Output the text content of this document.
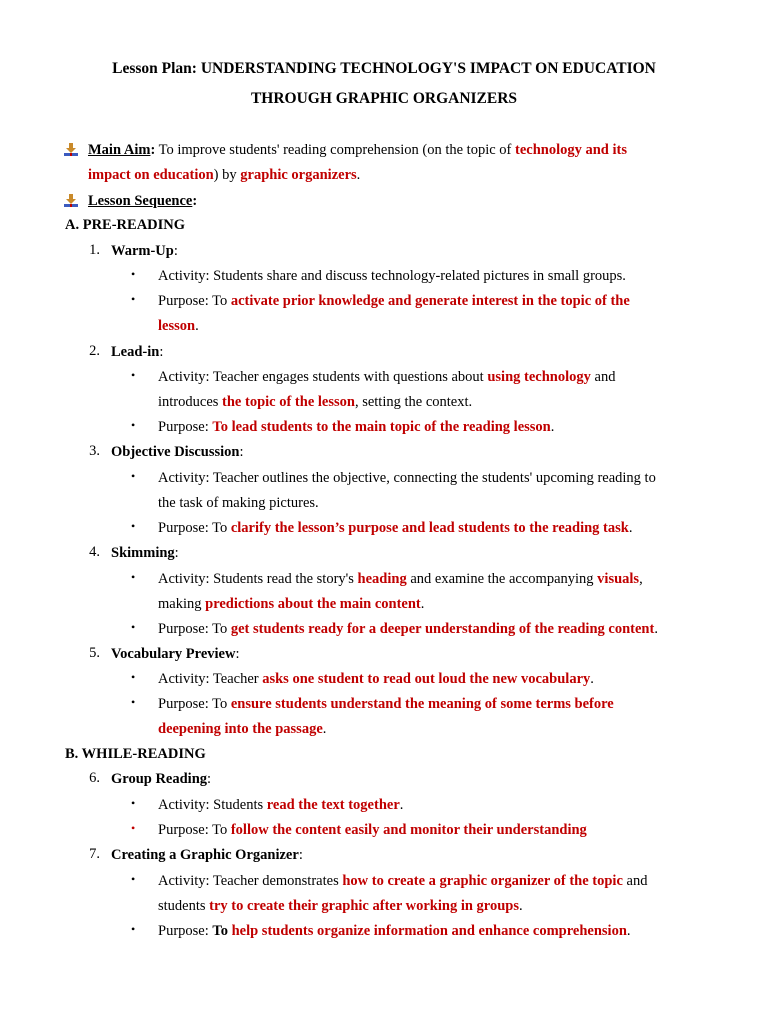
Lesson Plan: UNDERSTANDING TECHNOLOGY'S IMPACT ON EDUCATION
THROUGH GRAPHIC ORGANIZERS
Main Aim: To improve students' reading comprehension (on the topic of technology and its
impact on education) by graphic organizers.
Lesson Sequence:
A. PRE-READING
1. Warm-Up:
• Activity: Students share and discuss technology-related pictures in small groups.
• Purpose: To activate prior knowledge and generate interest in the topic of the
lesson.
2. Lead-in:
• Activity: Teacher engages students with questions about using technology and
introduces the topic of the lesson, setting the context.
• Purpose: To lead students to the main topic of the reading lesson.
3. Objective Discussion:
• Activity: Teacher outlines the objective, connecting the students' upcoming reading to
the task of making pictures.
• Purpose: To clarify the lesson’s purpose and lead students to the reading task.
4. Skimming:
• Activity: Students read the story's heading and examine the accompanying visuals,
making predictions about the main content.
• Purpose: To get students ready for a deeper understanding of the reading content.
5. Vocabulary Preview:
• Activity: Teacher asks one student to read out loud the new vocabulary.
• Purpose: To ensure students understand the meaning of some terms before
deepening into the passage.
B. WHILE-READING
6. Group Reading:
• Activity: Students read the text together.
• Purpose: To follow the content easily and monitor their understanding
7. Creating a Graphic Organizer:
• Activity: Teacher demonstrates how to create a graphic organizer of the topic and
students try to create their graphic after working in groups.
• Purpose: To help students organize information and enhance comprehension.
